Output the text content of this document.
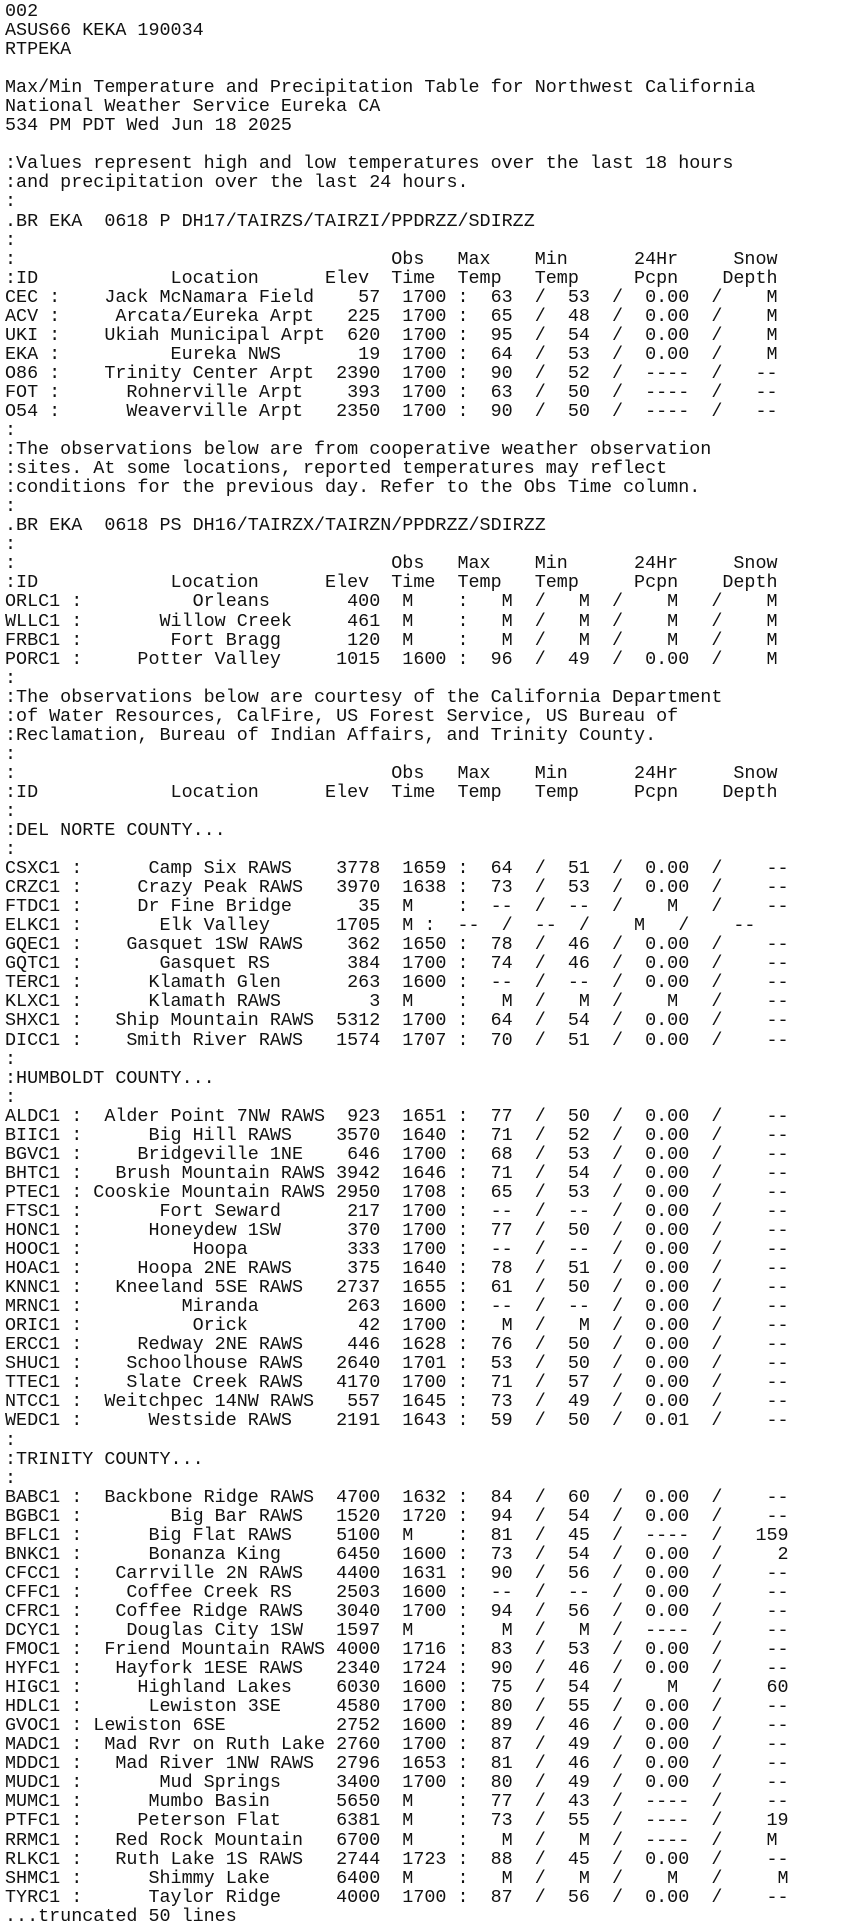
002
ASUS66 KEKA 190034
RTPEKA
Max/Min Temperature and Precipitation Table for Northwest California
National Weather Service Eureka CA
534 PM PDT Wed Jun 18 2025
:Values represent high and low temperatures over the last 18 hours
:and precipitation over the last 24 hours.
:
.BR EKA  0618 P DH17/TAIRZS/TAIRZI/PPDRZZ/SDIRZZ
:
:                                  Obs   Max    Min      24Hr     Snow
:ID            Location      Elev  Time  Temp   Temp     Pcpn    Depth
CEC :    Jack McNamara Field    57  1700 :  63  /  53  /  0.00  /    M
ACV :     Arcata/Eureka Arpt   225  1700 :  65  /  48  /  0.00  /    M
UKI :    Ukiah Municipal Arpt  620  1700 :  95  /  54  /  0.00  /    M
EKA :          Eureka NWS       19  1700 :  64  /  53  /  0.00  /    M
O86 :    Trinity Center Arpt  2390  1700 :  90  /  52  /  ----  /   --
FOT :      Rohnerville Arpt    393  1700 :  63  /  50  /  ----  /   --
O54 :      Weaverville Arpt   2350  1700 :  90  /  50  /  ----  /   --
:
:The observations below are from cooperative weather observation
:sites. At some locations, reported temperatures may reflect
:conditions for the previous day. Refer to the Obs Time column.
:
.BR EKA  0618 PS DH16/TAIRZX/TAIRZN/PPDRZZ/SDIRZZ
:
:                                  Obs   Max    Min      24Hr     Snow
:ID            Location      Elev  Time  Temp   Temp     Pcpn    Depth
ORLC1 :          Orleans       400  M    :   M  /   M  /    M   /    M
WLLC1 :       Willow Creek     461  M    :   M  /   M  /    M   /    M
FRBC1 :        Fort Bragg      120  M    :   M  /   M  /    M   /    M
PORC1 :     Potter Valley     1015  1600 :  96  /  49  /  0.00  /    M
:
:The observations below are courtesy of the California Department
:of Water Resources, CalFire, US Forest Service, US Bureau of
:Reclamation, Bureau of Indian Affairs, and Trinity County.
:
:                                  Obs   Max    Min      24Hr     Snow
:ID            Location      Elev  Time  Temp   Temp     Pcpn    Depth
:
:DEL NORTE COUNTY...
:
CSXC1 :      Camp Six RAWS    3778  1659 :  64  /  51  /  0.00  /    --
CRZC1 :     Crazy Peak RAWS   3970  1638 :  73  /  53  /  0.00  /    --
FTDC1 :     Dr Fine Bridge      35  M    :  --  /  --  /    M   /    --
ELKC1 :       Elk Valley      1705  M :  --  /  --  /    M   /    --
GQEC1 :    Gasquet 1SW RAWS    362  1650 :  78  /  46  /  0.00  /    --
GQTC1 :       Gasquet RS       384  1700 :  74  /  46  /  0.00  /    --
TERC1 :      Klamath Glen      263  1600 :  --  /  --  /  0.00  /    --
KLXC1 :      Klamath RAWS        3  M    :   M  /   M  /    M   /    --
SHXC1 :   Ship Mountain RAWS  5312  1700 :  64  /  54  /  0.00  /    --
DICC1 :    Smith River RAWS   1574  1707 :  70  /  51  /  0.00  /    --
:
:HUMBOLDT COUNTY...
:
ALDC1 :  Alder Point 7NW RAWS  923  1651 :  77  /  50  /  0.00  /    --
BIIC1 :      Big Hill RAWS    3570  1640 :  71  /  52  /  0.00  /    --
BGVC1 :     Bridgeville 1NE    646  1700 :  68  /  53  /  0.00  /    --
BHTC1 :   Brush Mountain RAWS 3942  1646 :  71  /  54  /  0.00  /    --
PTEC1 : Cooskie Mountain RAWS 2950  1708 :  65  /  53  /  0.00  /    --
FTSC1 :       Fort Seward      217  1700 :  --  /  --  /  0.00  /    --
HONC1 :      Honeydew 1SW      370  1700 :  77  /  50  /  0.00  /    --
HOOC1 :          Hoopa         333  1700 :  --  /  --  /  0.00  /    --
HOAC1 :     Hoopa 2NE RAWS     375  1640 :  78  /  51  /  0.00  /    --
KNNC1 :   Kneeland 5SE RAWS   2737  1655 :  61  /  50  /  0.00  /    --
MRNC1 :         Miranda        263  1600 :  --  /  --  /  0.00  /    --
ORIC1 :          Orick          42  1700 :   M  /   M  /  0.00  /    --
ERCC1 :     Redway 2NE RAWS    446  1628 :  76  /  50  /  0.00  /    --
SHUC1 :    Schoolhouse RAWS   2640  1701 :  53  /  50  /  0.00  /    --
TTEC1 :    Slate Creek RAWS   4170  1700 :  71  /  57  /  0.00  /    --
NTCC1 :  Weitchpec 14NW RAWS   557  1645 :  73  /  49  /  0.00  /    --
WEDC1 :      Westside RAWS    2191  1643 :  59  /  50  /  0.01  /    --
:
:TRINITY COUNTY...
:
BABC1 :  Backbone Ridge RAWS  4700  1632 :  84  /  60  /  0.00  /    --
BGBC1 :        Big Bar RAWS   1520  1720 :  94  /  54  /  0.00  /    --
BFLC1 :      Big Flat RAWS    5100  M    :  81  /  45  /  ----  /   159
BNKC1 :      Bonanza King     6450  1600 :  73  /  54  /  0.00  /     2
CFCC1 :   Carrville 2N RAWS   4400  1631 :  90  /  56  /  0.00  /    --
CFFC1 :    Coffee Creek RS    2503  1600 :  --  /  --  /  0.00  /    --
CFRC1 :   Coffee Ridge RAWS   3040  1700 :  94  /  56  /  0.00  /    --
DCYC1 :    Douglas City 1SW   1597  M    :   M  /   M  /  ----  /    --
FMOC1 :  Friend Mountain RAWS 4000  1716 :  83  /  53  /  0.00  /    --
HYFC1 :   Hayfork 1ESE RAWS   2340  1724 :  90  /  46  /  0.00  /    --
HIGC1 :     Highland Lakes    6030  1600 :  75  /  54  /    M   /    60
HDLC1 :      Lewiston 3SE     4580  1700 :  80  /  55  /  0.00  /    --
GVOC1 : Lewiston 6SE          2752  1600 :  89  /  46  /  0.00  /    --
MADC1 :  Mad Rvr on Ruth Lake 2760  1700 :  87  /  49  /  0.00  /    --
MDDC1 :   Mad River 1NW RAWS  2796  1653 :  81  /  46  /  0.00  /    --
MUDC1 :       Mud Springs     3400  1700 :  80  /  49  /  0.00  /    --
MUMC1 :      Mumbo Basin      5650  M    :  77  /  43  /  ----  /    --
PTFC1 :     Peterson Flat     6381  M    :  73  /  55  /  ----  /    19
RRMC1 :   Red Rock Mountain   6700  M    :   M  /   M  /  ----  /    M
RLKC1 :   Ruth Lake 1S RAWS   2744  1723 :  88  /  45  /  0.00  /    --
SHMC1 :      Shimmy Lake      6400  M    :   M  /   M  /    M   /     M
TYRC1 :      Taylor Ridge     4000  1700 :  87  /  56  /  0.00  /    --
...truncated 50 lines
